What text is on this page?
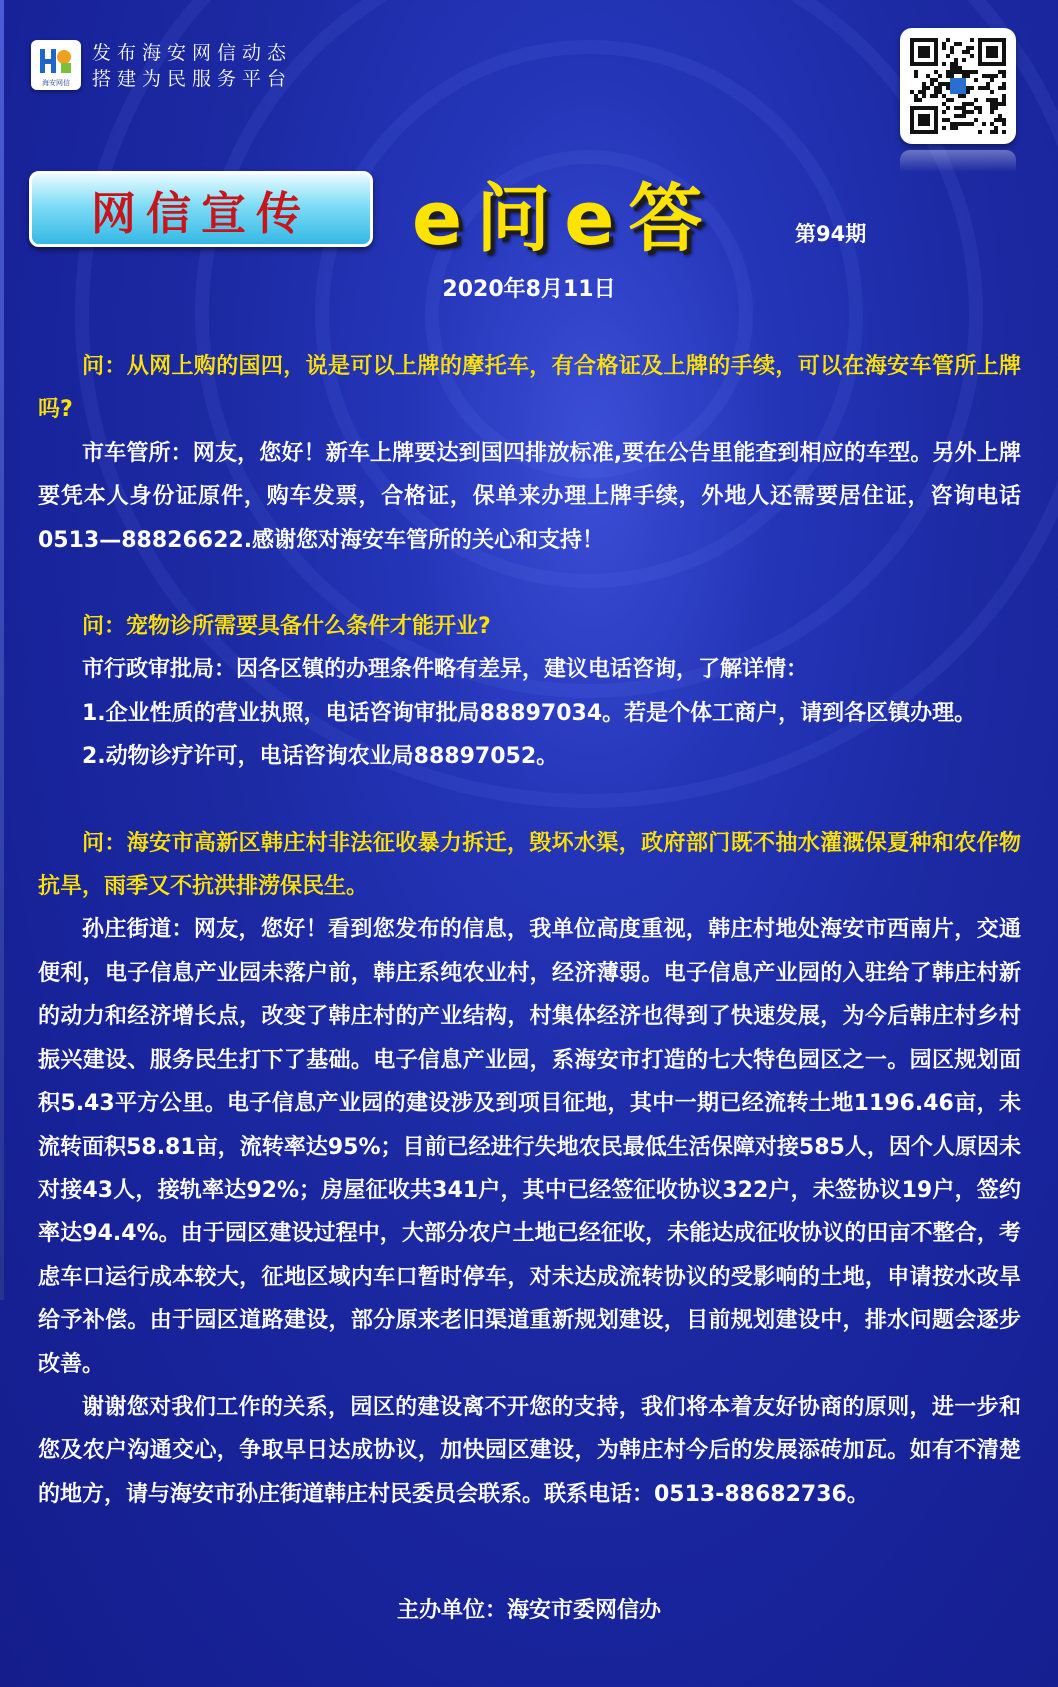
海安网信
发布海安网信动态
搭建为民服务平台
网信宣传 e问e答	第94期
2020年8月11日

问：从网上购的国四，说是可以上牌的摩托车，有合格证及上牌的手续，可以在海安车管所上牌吗?

市车管所：网友，您好！新车上牌要达到国四排放标准,要在公告里能查到相应的车型。另外上牌要凭本人身份证原件，购车发票，合格证，保单来办理上牌手续，外地人还需要居住证，咨询电话0513—88826622.感谢您对海安车管所的关心和支持！

问：宠物诊所需要具备什么条件才能开业?

市行政审批局：因各区镇的办理条件略有差异，建议电话咨询，了解详情：

1.企业性质的营业执照，电话咨询审批局88897034。若是个体工商户，请到各区镇办理。

2.动物诊疗许可，电话咨询农业局88897052。

问：海安市高新区韩庄村非法征收暴力拆迁，毁坏水渠，政府部门既不抽水灌溉保夏种和农作物抗旱，雨季又不抗洪排涝保民生。

孙庄街道：网友，您好！看到您发布的信息，我单位高度重视，韩庄村地处海安市西南片，交通便利，电子信息产业园未落户前，韩庄系纯农业村，经济薄弱。电子信息产业园的入驻给了韩庄村新的动力和经济增长点，改变了韩庄村的产业结构，村集体经济也得到了快速发展，为今后韩庄村乡村振兴建设、服务民生打下了基础。电子信息产业园，系海安市打造的七大特色园区之一。园区规划面积5.43平方公里。电子信息产业园的建设涉及到项目征地，其中一期已经流转土地1196.46亩，未流转面积58.81亩，流转率达95%；目前已经进行失地农民最低生活保障对接585人，因个人原因未对接43人，接轨率达92%；房屋征收共341户，其中已经签征收协议322户，未签协议19户，签约率达94.4%。由于园区建设过程中，大部分农户土地已经征收，未能达成征收协议的田亩不整合，考虑车口运行成本较大，征地区域内车口暂时停车，对未达成流转协议的受影响的土地，申请按水改旱给予补偿。由于园区道路建设，部分原来老旧渠道重新规划建设，目前规划建设中，排水问题会逐步改善。

谢谢您对我们工作的关系，园区的建设离不开您的支持，我们将本着友好协商的原则，进一步和您及农户沟通交心，争取早日达成协议，加快园区建设，为韩庄村今后的发展添砖加瓦。如有不清楚的地方，请与海安市孙庄街道韩庄村民委员会联系。联系电话：0513-88682736。

主办单位：海安市委网信办
